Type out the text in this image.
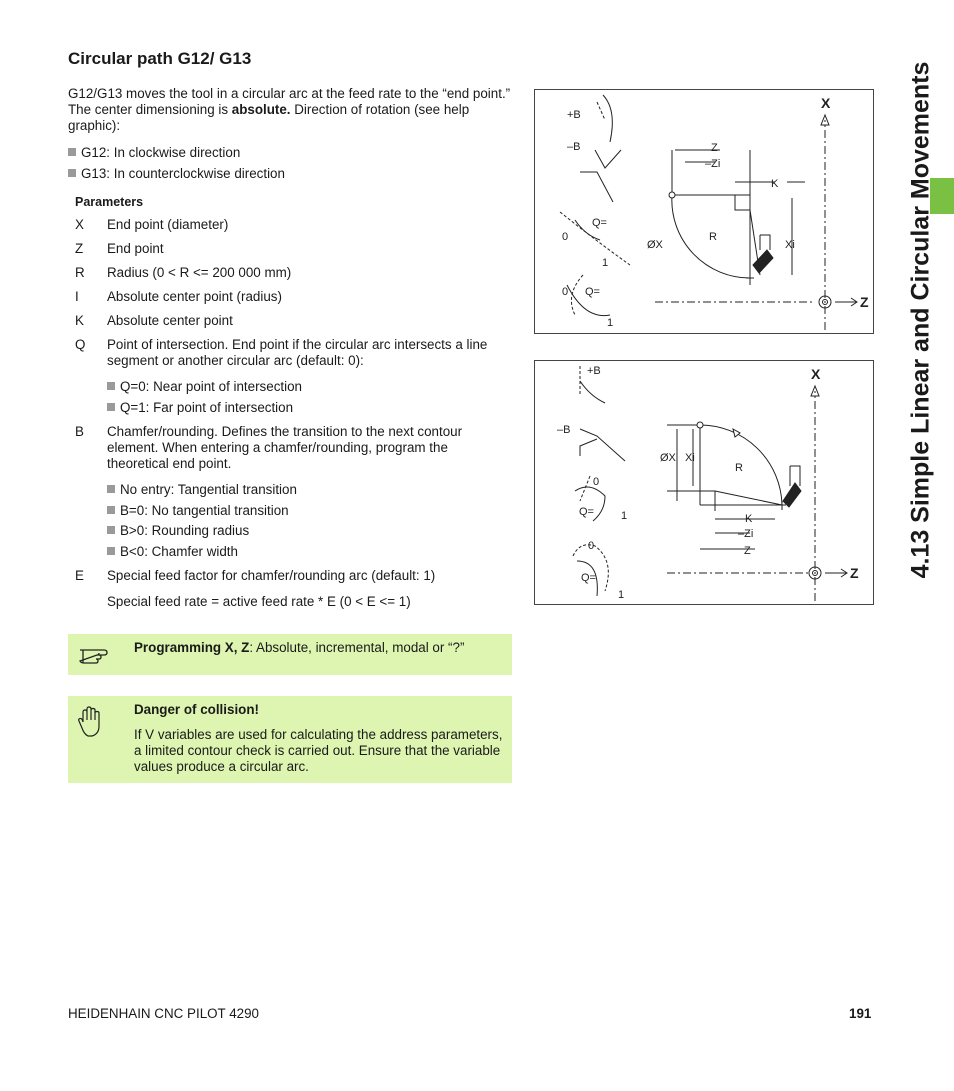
Circular path G12/ G13

G12/G13 moves the tool in a circular arc at the feed rate to the “end point.” The center dimensioning is absolute. Direction of rotation (see help graphic):

G12: In clockwise direction
G13: In counterclockwise direction
Parameters
X End point (diameter)
Z End point
R Radius (0 < R <= 200 000 mm)
I Absolute center point (radius)
K Absolute center point
Q Point of intersection. End point if the circular arc intersects a line segment or another circular arc (default: 0):
Q=0: Near point of intersection
Q=1: Far point of intersection
B Chamfer/rounding. Defines the transition to the next contour element. When entering a chamfer/rounding, program the theoretical end point.
No entry: Tangential transition
B=0: No tangential transition
B>0: Rounding radius
B<0: Chamfer width
E Special feed factor for chamfer/rounding arc (default: 1)
Special feed rate = active feed rate * E (0 < E <= 1)
Programming X, Z: Absolute, incremental, modal or “?”
Danger of collision!
If V variables are used for calculating the address parameters, a limited contour check is carried out. Ensure that the variable values produce a circular arc.
+B
–B
Q=
0
1
0 Q=
1
X
Z
Z
–Zi
K
R
Xi
ØX
+B
–B
0
Q= 1
0
Q=
1
X
Z
ØX Xi
R
K
–Zi
Z	4.13 Simple Linear and Circular Movements
HEIDENHAIN CNC PILOT 4290	191
